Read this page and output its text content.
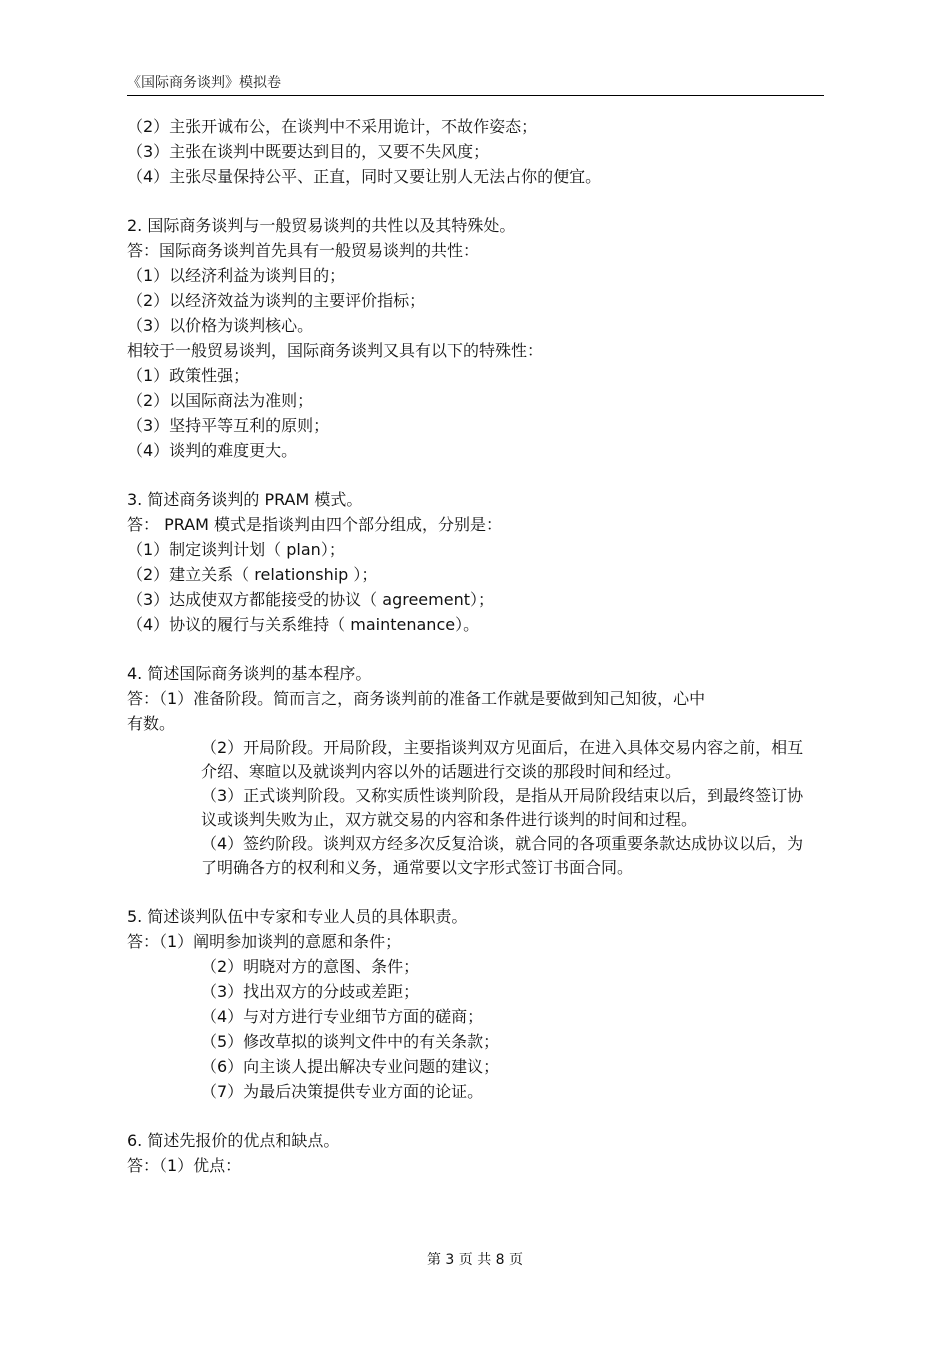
《国际商务谈判》模拟卷
（2）主张开诚布公，在谈判中不采用诡计，不故作姿态；
（3）主张在谈判中既要达到目的，又要不失风度；
（4）主张尽量保持公平、正直，同时又要让别人无法占你的便宜。
2. 国际商务谈判与一般贸易谈判的共性以及其特殊处。
答：国际商务谈判首先具有一般贸易谈判的共性：
（1）以经济利益为谈判目的；
（2）以经济效益为谈判的主要评价指标；
（3）以价格为谈判核心。
相较于一般贸易谈判，国际商务谈判又具有以下的特殊性：
（1）政策性强；
（2）以国际商法为准则；
（3）坚持平等互利的原则；
（4）谈判的难度更大。
3. 简述商务谈判的 PRAM 模式。
答： PRAM 模式是指谈判由四个部分组成，分别是：
（1）制定谈判计划（ plan）；
（2）建立关系（ relationship ）；
（3）达成使双方都能接受的协议（ agreement）；
（4）协议的履行与关系维持（ maintenance）。
4. 简述国际商务谈判的基本程序。
答：（1）准备阶段。简而言之，商务谈判前的准备工作就是要做到知己知彼，心中
有数。
（2）开局阶段。开局阶段，主要指谈判双方见面后，在进入具体交易内容之前，相互介绍、寒暄以及就谈判内容以外的话题进行交谈的那段时间和经过。
（3）正式谈判阶段。又称实质性谈判阶段，是指从开局阶段结束以后，到最终签订协议或谈判失败为止，双方就交易的内容和条件进行谈判的时间和过程。
（4）签约阶段。谈判双方经多次反复洽谈，就合同的各项重要条款达成协议以后，为了明确各方的权利和义务，通常要以文字形式签订书面合同。
5. 简述谈判队伍中专家和专业人员的具体职责。
答：（1）阐明参加谈判的意愿和条件；
（2）明晓对方的意图、条件；
（3）找出双方的分歧或差距；
（4）与对方进行专业细节方面的磋商；
（5）修改草拟的谈判文件中的有关条款；
（6）向主谈人提出解决专业问题的建议；
（7）为最后决策提供专业方面的论证。
6. 简述先报价的优点和缺点。
答：（1）优点：
第 3 页 共 8 页
